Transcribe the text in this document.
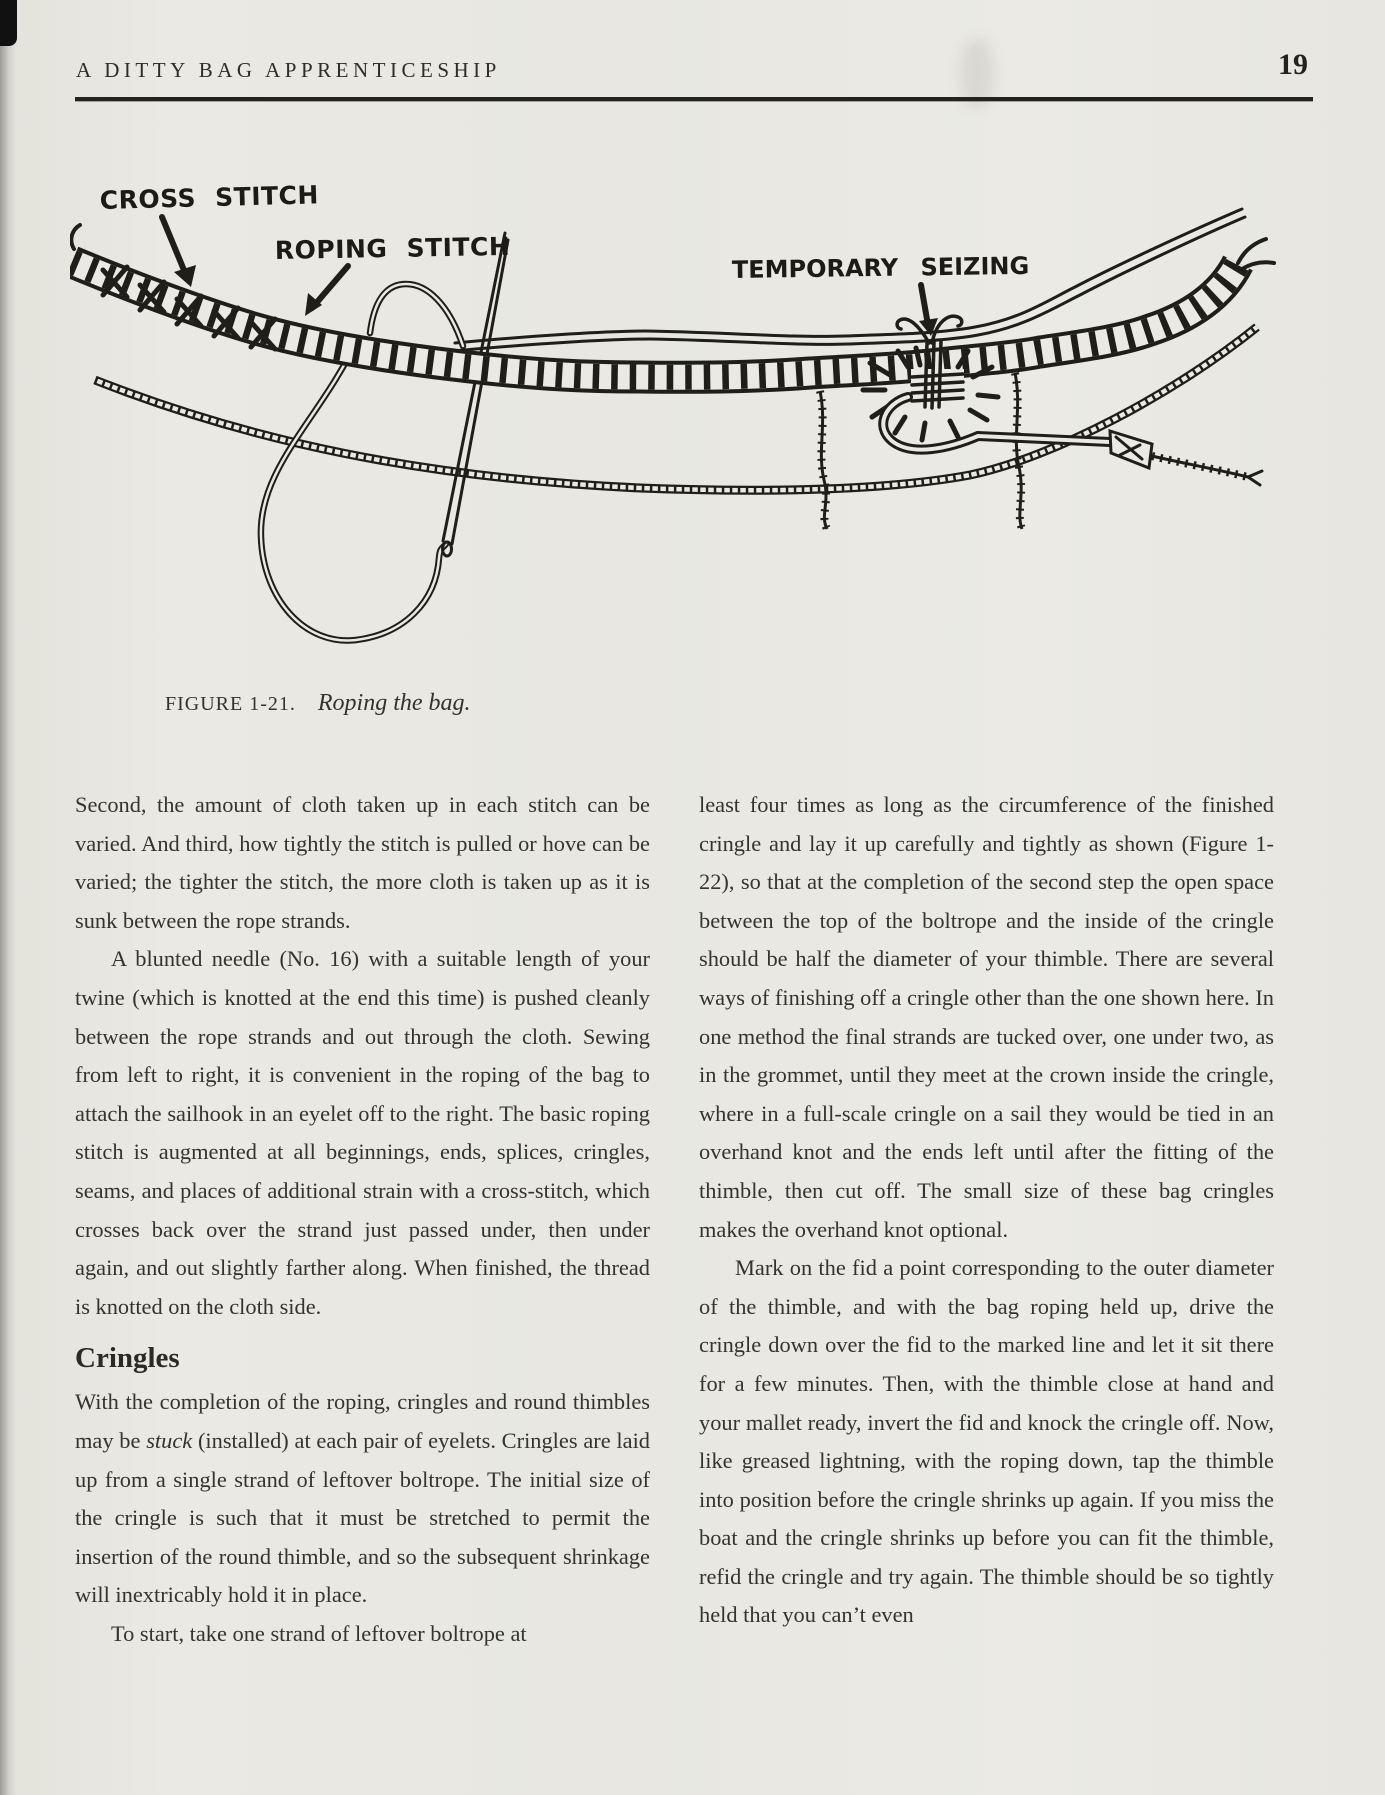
A DITTY BAG APPRENTICESHIP	19
CROSS STITCH
ROPING STITCH
TEMPORARY SEIZING
FIGURE 1-21. Roping the bag.

Second, the amount of cloth taken up in each stitch can be varied. And third, how tightly the stitch is pulled or hove can be varied; the tighter the stitch, the more cloth is taken up as it is sunk between the rope strands.

A blunted needle (No. 16) with a suitable length of your twine (which is knotted at the end this time) is pushed cleanly between the rope strands and out through the cloth. Sewing from left to right, it is convenient in the roping of the bag to attach the sailhook in an eyelet off to the right. The basic roping stitch is augmented at all beginnings, ends, splices, cringles, seams, and places of additional strain with a cross-stitch, which crosses back over the strand just passed under, then under again, and out slightly farther along. When finished, the thread is knotted on the cloth side.

Cringles

With the completion of the roping, cringles and round thimbles may be stuck (installed) at each pair of eyelets. Cringles are laid up from a single strand of leftover boltrope. The initial size of the cringle is such that it must be stretched to permit the insertion of the round thimble, and so the subsequent shrinkage will inextricably hold it in place.

To start, take one strand of leftover boltrope at

least four times as long as the circumference of the finished cringle and lay it up carefully and tightly as shown (Figure 1-22), so that at the completion of the second step the open space between the top of the boltrope and the inside of the cringle should be half the diameter of your thimble. There are several ways of finishing off a cringle other than the one shown here. In one method the final strands are tucked over, one under two, as in the grommet, until they meet at the crown inside the cringle, where in a full-scale cringle on a sail they would be tied in an overhand knot and the ends left until after the fitting of the thimble, then cut off. The small size of these bag cringles makes the overhand knot optional.

Mark on the fid a point corresponding to the outer diameter of the thimble, and with the bag roping held up, drive the cringle down over the fid to the marked line and let it sit there for a few minutes. Then, with the thimble close at hand and your mallet ready, invert the fid and knock the cringle off. Now, like greased lightning, with the roping down, tap the thimble into position before the cringle shrinks up again. If you miss the boat and the cringle shrinks up before you can fit the thimble, refid the cringle and try again. The thimble should be so tightly held that you can’t even
